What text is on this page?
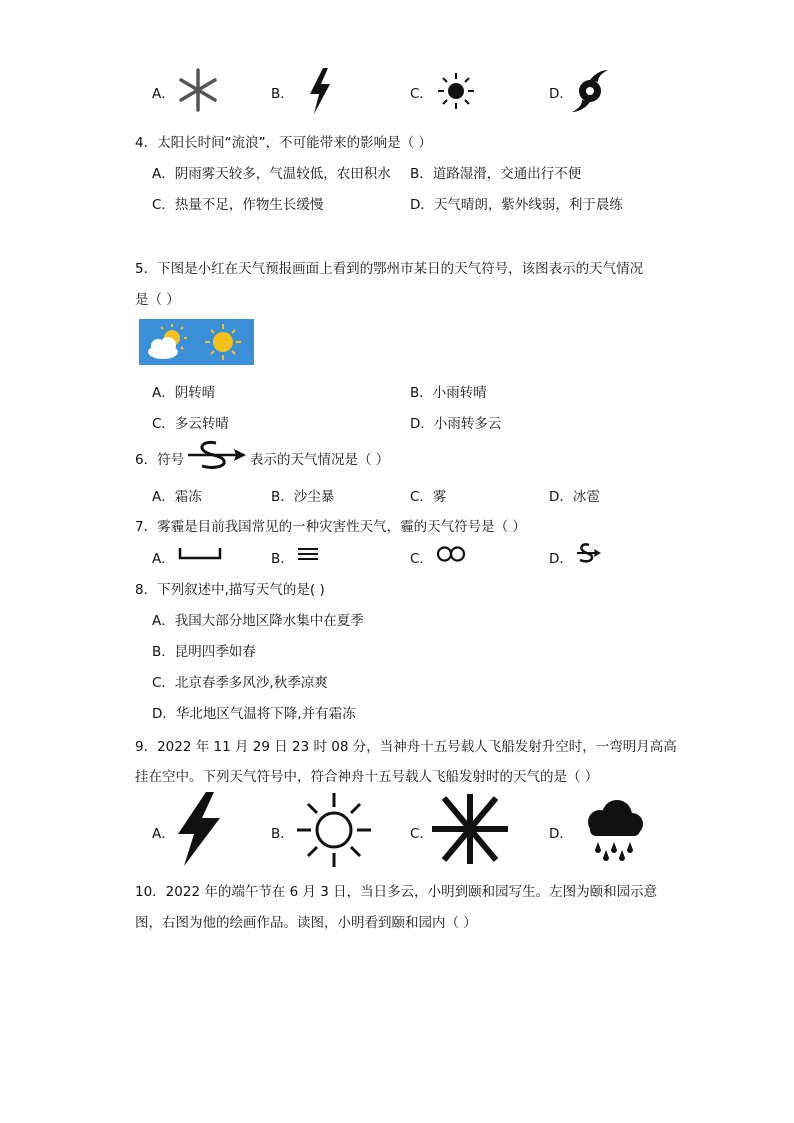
A．	B．	C．	D．
4．太阳长时间“流浪”，不可能带来的影响是（ ）
A．阴雨雾天较多，气温较低，农田积水 B．道路湿滑，交通出行不便
C．热量不足，作物生长缓慢	D．天气晴朗，紫外线弱，利于晨练
5．下图是小红在天气预报画面上看到的鄂州市某日的天气符号，该图表示的天气情况
是（ ）
A．阴转晴	B．小雨转晴
C．多云转晴	D．小雨转多云
6．符号	表示的天气情况是（ ）
A．霜冻	B．沙尘暴	C．雾	D．冰雹
7．雾霾是目前我国常见的一种灾害性天气，霾的天气符号是（ ）
A．	B．	C．	D．
8．下列叙述中,描写天气的是( )
A．我国大部分地区降水集中在夏季
B．昆明四季如春
C．北京春季多风沙,秋季凉爽
D．华北地区气温将下降,并有霜冻
9．2022 年 11 月 29 日 23 时 08 分，当神舟十五号载人飞船发射升空时，一弯明月高高
挂在空中。下列天气符号中，符合神舟十五号载人飞船发射时的天气的是（ ）
A．	B．	C．	D．
10．2022 年的端午节在 6 月 3 日，当日多云，小明到颐和园写生。左图为颐和园示意
图，右图为他的绘画作品。读图，小明看到颐和园内（ ）
